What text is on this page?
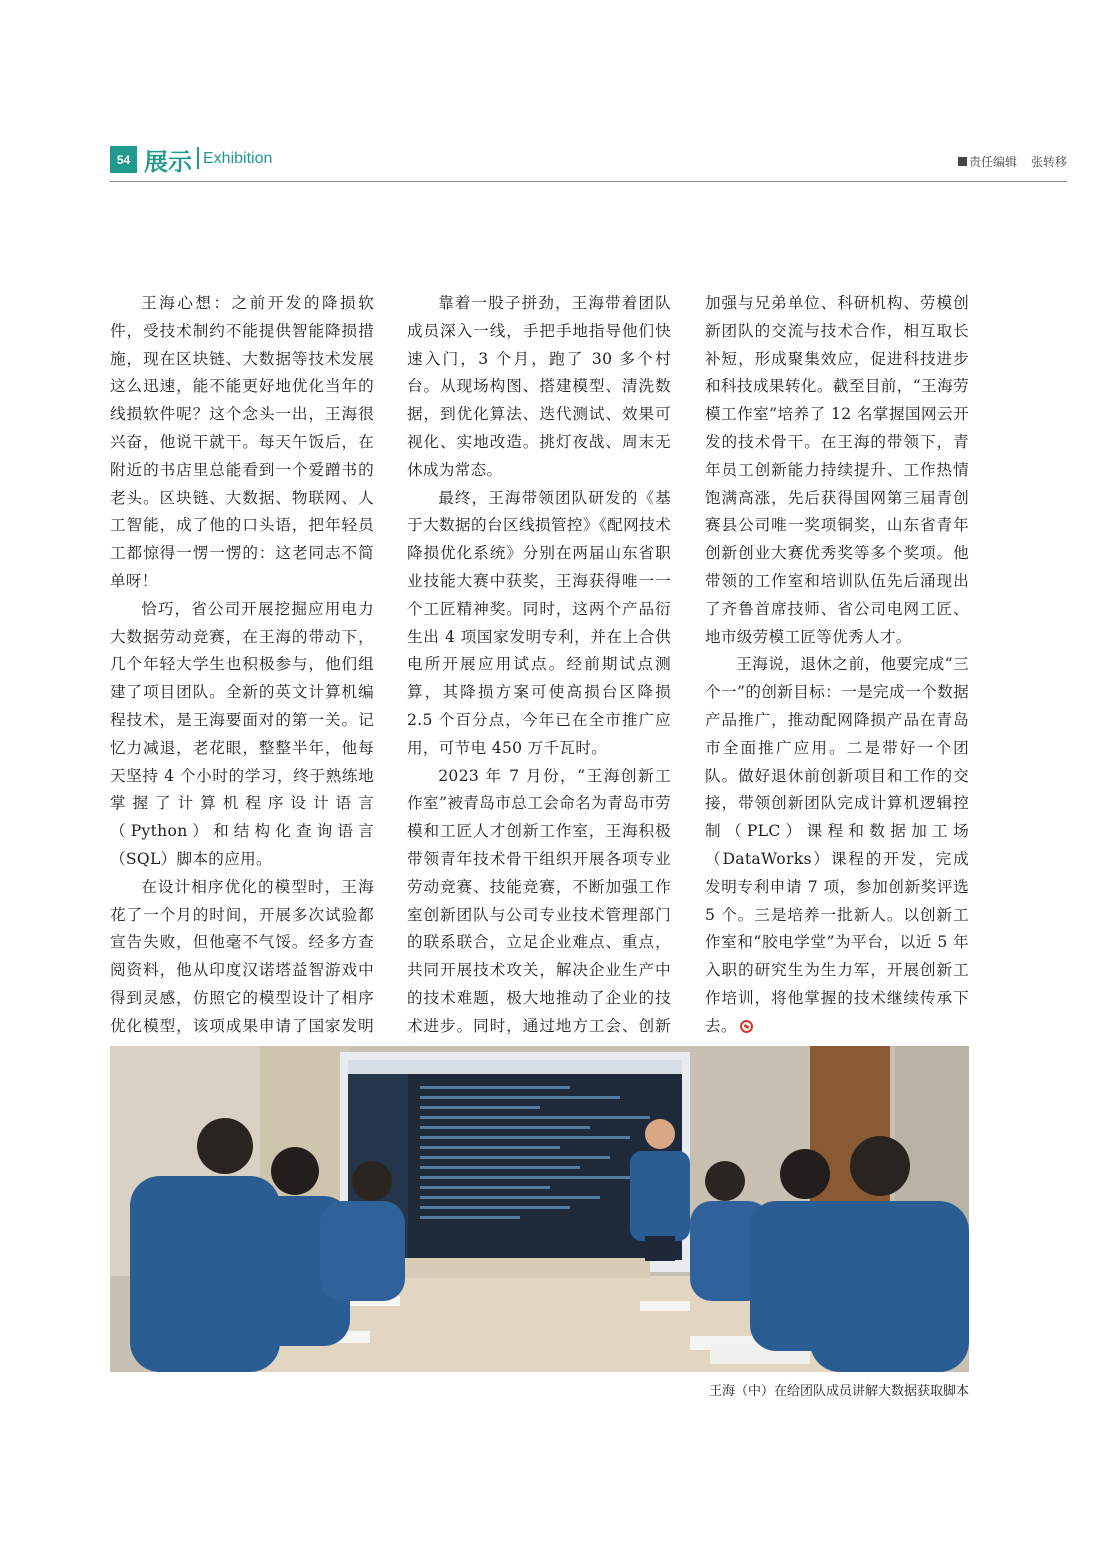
54 展示 Exhibition	责任编辑 张转移

王海心想：之前开发的降损软件，受技术制约不能提供智能降损措施，现在区块链、大数据等技术发展这么迅速，能不能更好地优化当年的线损软件呢？这个念头一出，王海很兴奋，他说干就干。每天午饭后，在附近的书店里总能看到一个爱蹭书的老头。区块链、大数据、物联网、人工智能，成了他的口头语，把年轻员工都惊得一愣一愣的：这老同志不简单呀！

恰巧，省公司开展挖掘应用电力大数据劳动竞赛，在王海的带动下，几个年轻大学生也积极参与，他们组建了项目团队。全新的英文计算机编程技术，是王海要面对的第一关。记忆力减退，老花眼，整整半年，他每天坚持 4 个小时的学习，终于熟练地掌握了计算机程序设计语言（Python）和结构化查询语言（SQL）脚本的应用。

在设计相序优化的模型时，王海花了一个月的时间，开展多次试验都宣告失败，但他毫不气馁。经多方查阅资料，他从印度汉诺塔益智游戏中得到灵感，仿照它的模型设计了相序优化模型，该项成果申请了国家发明

靠着一股子拼劲，王海带着团队成员深入一线，手把手地指导他们快速入门，3 个月，跑了 30 多个村台。从现场构图、搭建模型、清洗数据，到优化算法、迭代测试、效果可视化、实地改造。挑灯夜战、周末无休成为常态。

最终，王海带领团队研发的《基于大数据的台区线损管控》《配网技术降损优化系统》分别在两届山东省职业技能大赛中获奖，王海获得唯一一个工匠精神奖。同时，这两个产品衍生出 4 项国家发明专利，并在上合供电所开展应用试点。经前期试点测算，其降损方案可使高损台区降损 2.5 个百分点，今年已在全市推广应用，可节电 450 万千瓦时。

2023 年 7 月份，“王海创新工作室”被青岛市总工会命名为青岛市劳模和工匠人才创新工作室，王海积极带领青年技术骨干组织开展各项专业劳动竞赛、技能竞赛，不断加强工作室创新团队与公司专业技术管理部门的联系联合，立足企业难点、重点，共同开展技术攻关，解决企业生产中的技术难题，极大地推动了企业的技术进步。同时，通过地方工会、创新

加强与兄弟单位、科研机构、劳模创新团队的交流与技术合作，相互取长补短，形成聚集效应，促进科技进步和科技成果转化。截至目前，“王海劳模工作室”培养了 12 名掌握国网云开发的技术骨干。在王海的带领下，青年员工创新能力持续提升、工作热情饱满高涨，先后获得国网第三届青创赛县公司唯一奖项铜奖，山东省青年创新创业大赛优秀奖等多个奖项。他带领的工作室和培训队伍先后涌现出了齐鲁首席技师、省公司电网工匠、地市级劳模工匠等优秀人才。

王海说，退休之前，他要完成“三个一”的创新目标：一是完成一个数据产品推广，推动配网降损产品在青岛市全面推广应用。二是带好一个团队。做好退休前创新项目和工作的交接，带领创新团队完成计算机逻辑控制（PLC）课程和数据加工场（DataWorks）课程的开发，完成发明专利申请 7 项，参加创新奖评选 5 个。三是培养一批新人。以创新工作室和“胶电学堂”为平台，以近 5 年入职的研究生为生力军，开展创新工作培训，将他掌握的技术继续传承下去。

王海（中）在给团队成员讲解大数据获取脚本
